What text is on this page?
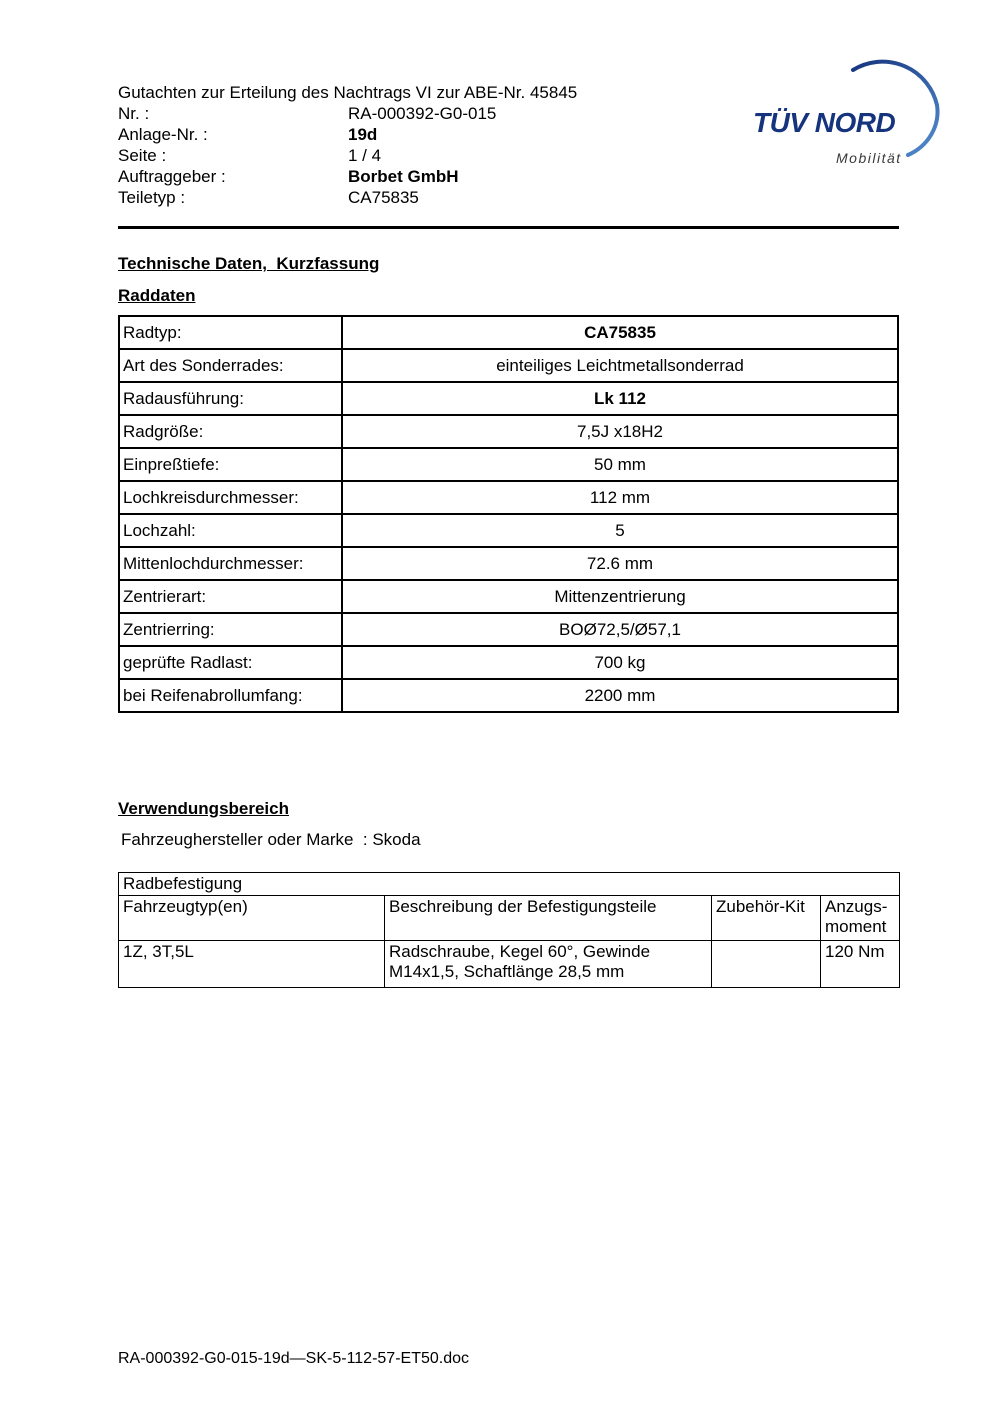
Gutachten zur Erteilung des Nachtrags VI zur ABE-Nr. 45845
Nr. :	RA-000392-G0-015
Anlage-Nr. :	19d
Seite :	1 / 4
Auftraggeber :	Borbet GmbH
Teiletyp :	CA75835
TÜV NORD
Mobilität
Technische Daten,  Kurzfassung
Raddaten
Radtyp:	CA75835
Art des Sonderrades:	einteiliges Leichtmetallsonderrad
Radausführung:	Lk 112
Radgröße:	7,5J x18H2
Einpreßtiefe:	50 mm
Lochkreisdurchmesser:	112 mm
Lochzahl:	5
Mittenlochdurchmesser:	72.6 mm
Zentrierart:	Mittenzentrierung
Zentrierring:	BOØ72,5/Ø57,1
geprüfte Radlast:	700 kg
bei Reifenabrollumfang:	2200 mm
Verwendungsbereich
Fahrzeughersteller oder Marke  : Skoda
Radbefestigung			
Fahrzeugtyp(en)	Beschreibung der Befestigungsteile	Zubehör-Kit	Anzugs-moment
1Z, 3T,5L	Radschraube, Kegel 60°, Gewinde M14x1,5, Schaftlänge 28,5 mm		120 Nm
RA-000392-G0-015-19d—SK-5-112-57-ET50.doc
